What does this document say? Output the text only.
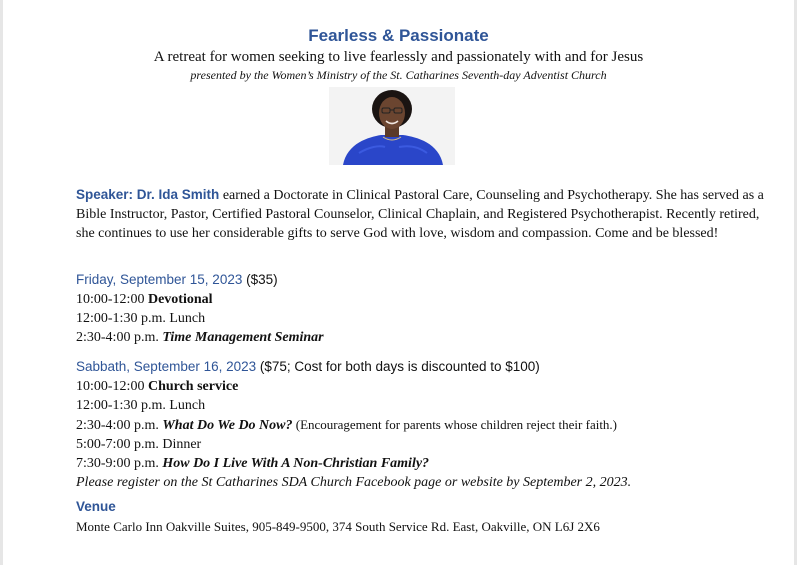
Fearless & Passionate
A retreat for women seeking to live fearlessly and passionately with and for Jesus
presented by the Women’s Ministry of the St. Catharines Seventh-day Adventist Church
Speaker: Dr. Ida Smith earned a Doctorate in Clinical Pastoral Care, Counseling and Psychotherapy. She has served as a Bible Instructor, Pastor, Certified Pastoral Counselor, Clinical Chaplain, and Registered Psychotherapist. Recently retired, she continues to use her considerable gifts to serve God with love, wisdom and compassion. Come and be blessed!
Friday, September 15, 2023 ($35)
10:00-12:00 Devotional
12:00-1:30 p.m. Lunch
2:30-4:00 p.m. Time Management Seminar
Sabbath, September 16, 2023 ($75; Cost for both days is discounted to $100)
10:00-12:00 Church service
12:00-1:30 p.m. Lunch
2:30-4:00 p.m. What Do We Do Now? (Encouragement for parents whose children reject their faith.)
5:00-7:00 p.m. Dinner
7:30-9:00 p.m. How Do I Live With A Non-Christian Family?
Please register on the St Catharines SDA Church Facebook page or website by September 2, 2023.
Venue
Monte Carlo Inn Oakville Suites, 905-849-9500, 374 South Service Rd. East, Oakville, ON L6J 2X6
